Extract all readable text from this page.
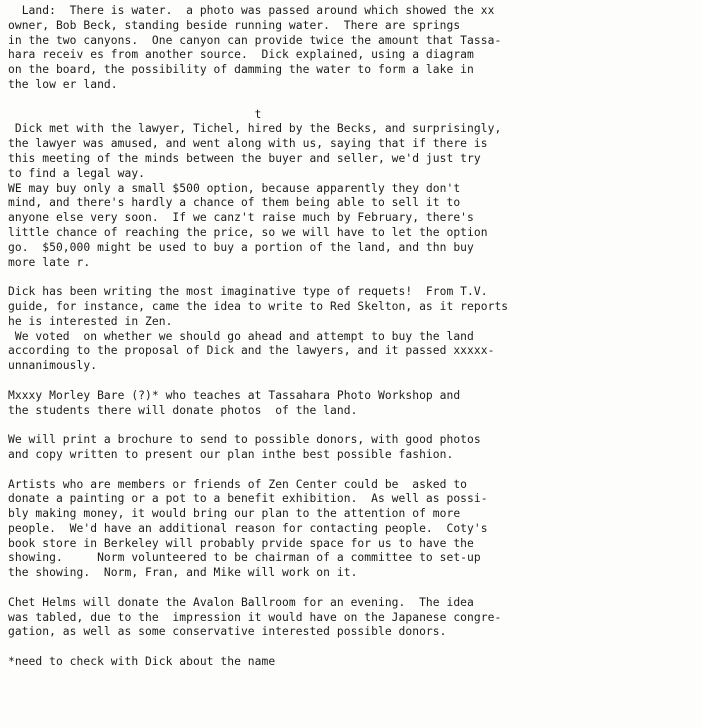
Land:  There is water.  a photo was passed around which showed the xx
owner, Bob Beck, standing beside running water.  There are springs
in the two canyons.  One canyon can provide twice the amount that Tassa-
hara receiv es from another source.  Dick explained, using a diagram
on the board, the possibility of damming the water to form a lake in
the low er land.
t
Dick met with the lawyer, Tichel, hired by the Becks, and surprisingly,
the lawyer was amused, and went along with us, saying that if there is
this meeting of the minds between the buyer and seller, we'd just try
to find a legal way.
WE may buy only a small $500 option, because apparently they don't
mind, and there's hardly a chance of them being able to sell it to
anyone else very soon.  If we canz't raise much by February, there's
little chance of reaching the price, so we will have to let the option
go.  $50,000 might be used to buy a portion of the land, and thn buy
more late r.
Dick has been writing the most imaginative type of requets!  From T.V.
guide, for instance, came the idea to write to Red Skelton, as it reports
he is interested in Zen.
We voted  on whether we should go ahead and attempt to buy the land
according to the proposal of Dick and the lawyers, and it passed xxxxx-
unnanimously.
Mxxxy Morley Bare (?)* who teaches at Tassahara Photo Workshop and
the students there will donate photos  of the land.
We will print a brochure to send to possible donors, with good photos
and copy written to present our plan inthe best possible fashion.
Artists who are members or friends of Zen Center could be  asked to
donate a painting or a pot to a benefit exhibition.  As well as possi-
bly making money, it would bring our plan to the attention of more
people.  We'd have an additional reason for contacting people.  Coty's
book store in Berkeley will probably prvide space for us to have the
showing.     Norm volunteered to be chairman of a committee to set-up
the showing.  Norm, Fran, and Mike will work on it.
Chet Helms will donate the Avalon Ballroom for an evening.  The idea
was tabled, due to the  impression it would have on the Japanese congre-
gation, as well as some conservative interested possible donors.
*need to check with Dick about the name
